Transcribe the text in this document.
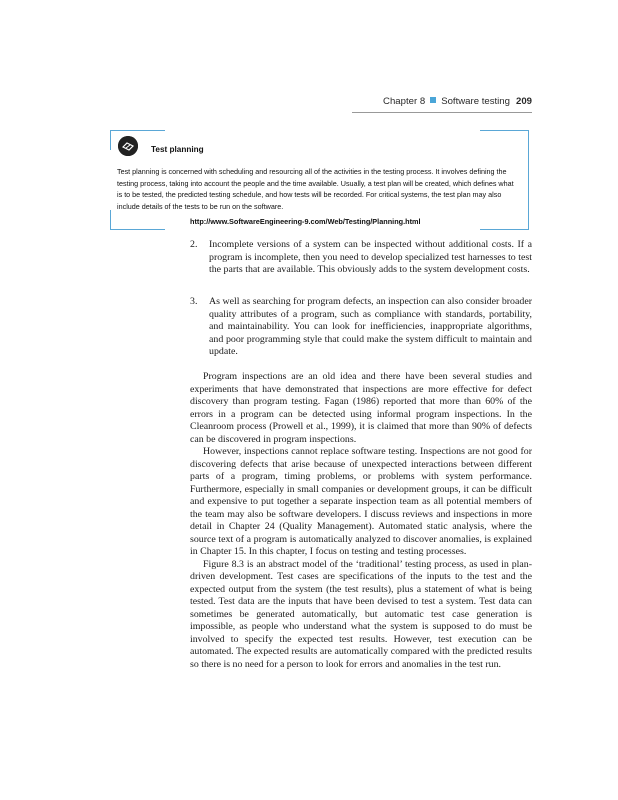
Chapter 8 Software testing 209
Test planning
Test planning is concerned with scheduling and resourcing all of the activities in the testing process. It involves defining the testing process, taking into account the people and the time available. Usually, a test plan will be created, which defines what is to be tested, the predicted testing schedule, and how tests will be recorded. For critical systems, the test plan may also include details of the tests to be run on the software.
http://www.SoftwareEngineering-9.com/Web/Testing/Planning.html
2. Incomplete versions of a system can be inspected without additional costs. If a program is incomplete, then you need to develop specialized test harnesses to test the parts that are available. This obviously adds to the system development costs.
3. As well as searching for program defects, an inspection can also consider broader quality attributes of a program, such as compliance with standards, portability, and maintainability. You can look for inefficiencies, inappropriate algorithms, and poor programming style that could make the system difficult to maintain and update.

Program inspections are an old idea and there have been several studies and experiments that have demonstrated that inspections are more effective for defect discovery than program testing. Fagan (1986) reported that more than 60% of the errors in a program can be detected using informal program inspections. In the Cleanroom process (Prowell et al., 1999), it is claimed that more than 90% of defects can be discovered in program inspections.

However, inspections cannot replace software testing. Inspections are not good for discovering defects that arise because of unexpected interactions between different parts of a program, timing problems, or problems with system performance. Furthermore, especially in small companies or development groups, it can be difficult and expensive to put together a separate inspection team as all potential members of the team may also be software developers. I discuss reviews and inspections in more detail in Chapter 24 (Quality Management). Automated static analysis, where the source text of a program is automatically analyzed to discover anomalies, is explained in Chapter 15. In this chapter, I focus on testing and testing processes.

Figure 8.3 is an abstract model of the ‘traditional’ testing process, as used in plan-driven development. Test cases are specifications of the inputs to the test and the expected output from the system (the test results), plus a statement of what is being tested. Test data are the inputs that have been devised to test a system. Test data can sometimes be generated automatically, but automatic test case generation is impossible, as people who understand what the system is supposed to do must be involved to specify the expected test results. However, test execution can be automated. The expected results are automatically compared with the predicted results so there is no need for a person to look for errors and anomalies in the test run.
